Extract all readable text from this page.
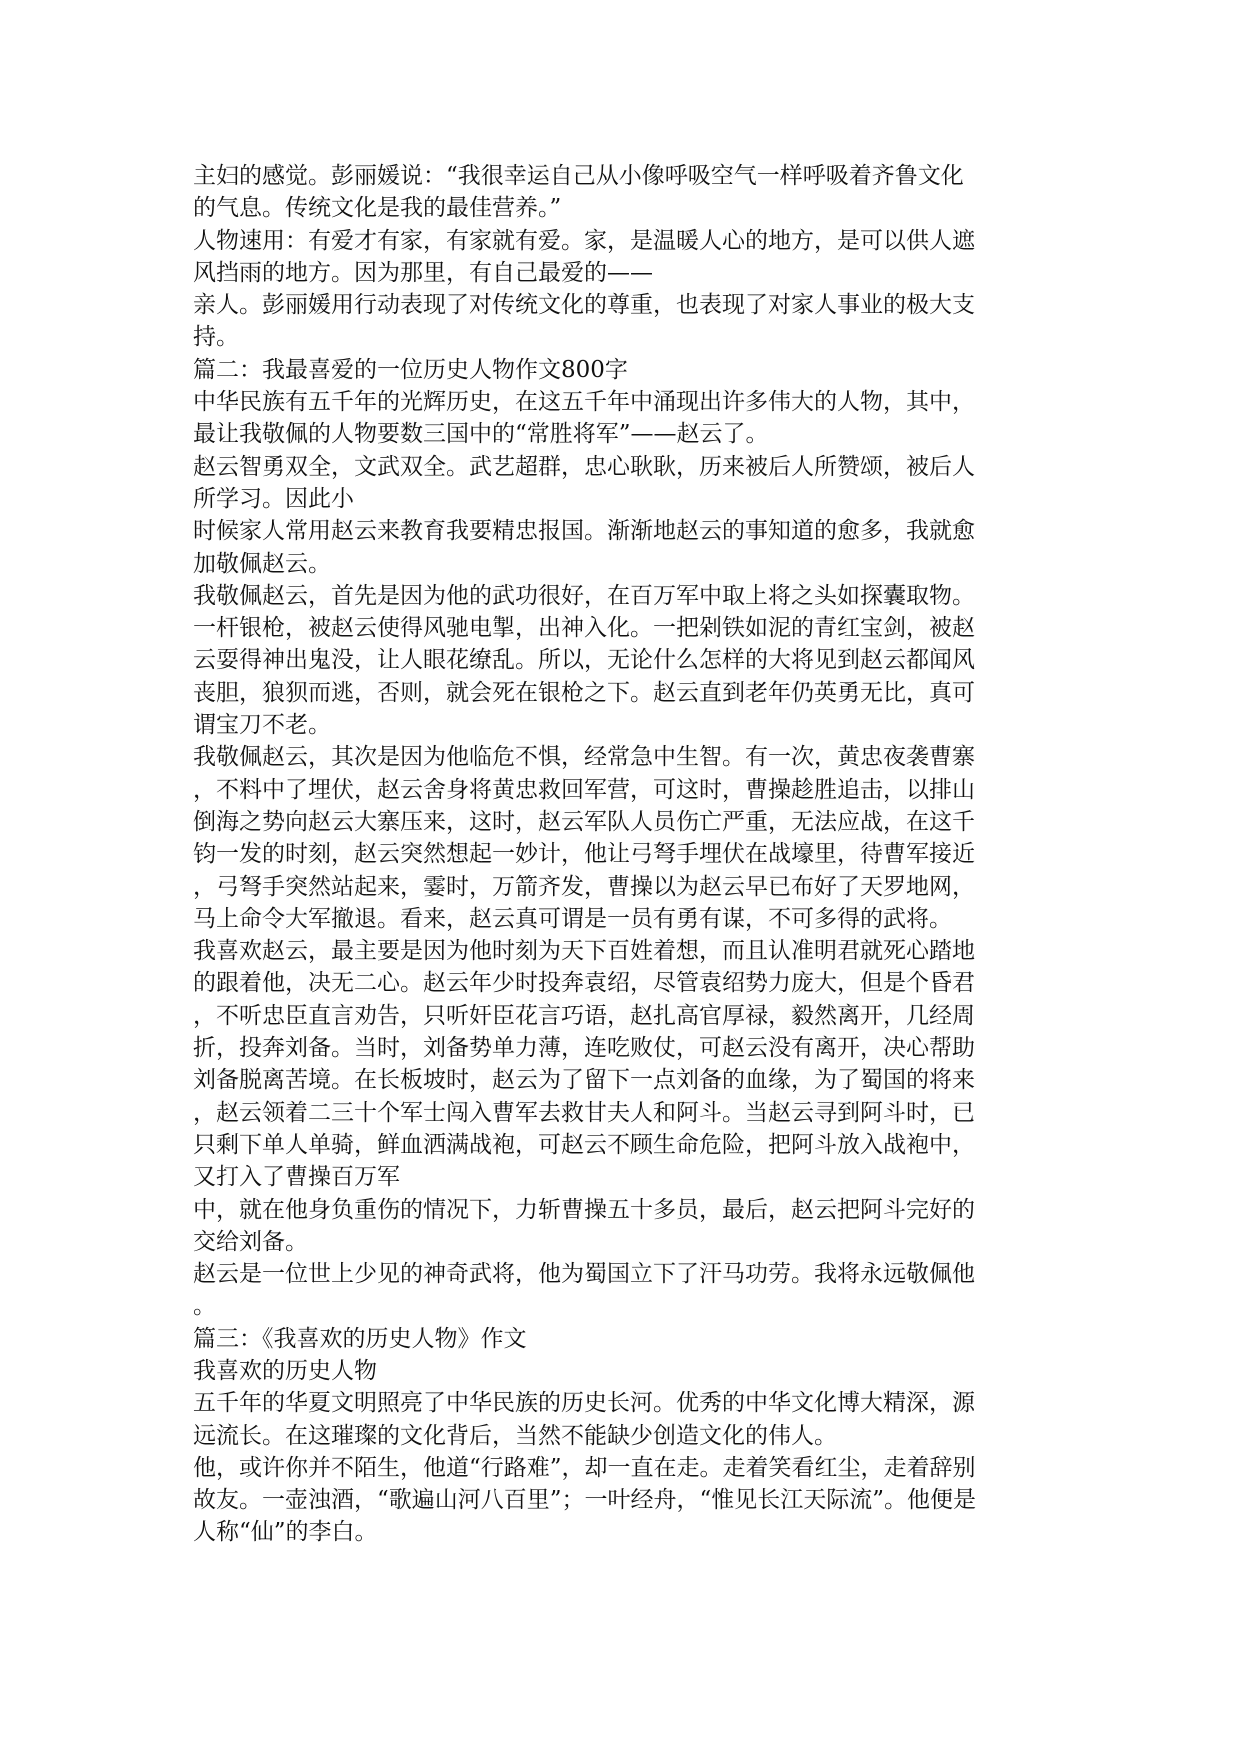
主妇的感觉。彭丽媛说：“我很幸运自己从小像呼吸空气一样呼吸着齐鲁文化
的气息。传统文化是我的最佳营养。”
人物速用：有爱才有家，有家就有爱。家，是温暖人心的地方，是可以供人遮
风挡雨的地方。因为那里，有自己最爱的——
亲人。彭丽媛用行动表现了对传统文化的尊重，也表现了对家人事业的极大支
持。
篇二：我最喜爱的一位历史人物作文800字
中华民族有五千年的光辉历史，在这五千年中涌现出许多伟大的人物，其中，
最让我敬佩的人物要数三国中的“常胜将军”——赵云了。
赵云智勇双全，文武双全。武艺超群，忠心耿耿，历来被后人所赞颂，被后人
所学习。因此小
时候家人常用赵云来教育我要精忠报国。渐渐地赵云的事知道的愈多，我就愈
加敬佩赵云。
我敬佩赵云，首先是因为他的武功很好，在百万军中取上将之头如探囊取物。
一杆银枪，被赵云使得风驰电掣，出神入化。一把剁铁如泥的青红宝剑，被赵
云耍得神出鬼没，让人眼花缭乱。所以，无论什么怎样的大将见到赵云都闻风
丧胆，狼狈而逃，否则，就会死在银枪之下。赵云直到老年仍英勇无比，真可
谓宝刀不老。
我敬佩赵云，其次是因为他临危不惧，经常急中生智。有一次，黄忠夜袭曹寨
，不料中了埋伏，赵云舍身将黄忠救回军营，可这时，曹操趁胜追击，以排山
倒海之势向赵云大寨压来，这时，赵云军队人员伤亡严重，无法应战，在这千
钧一发的时刻，赵云突然想起一妙计，他让弓弩手埋伏在战壕里，待曹军接近
，弓弩手突然站起来，霎时，万箭齐发，曹操以为赵云早已布好了天罗地网，
马上命令大军撤退。看来，赵云真可谓是一员有勇有谋，不可多得的武将。
我喜欢赵云，最主要是因为他时刻为天下百姓着想，而且认准明君就死心踏地
的跟着他，决无二心。赵云年少时投奔袁绍，尽管袁绍势力庞大，但是个昏君
，不听忠臣直言劝告，只听奸臣花言巧语，赵扎高官厚禄，毅然离开，几经周
折，投奔刘备。当时，刘备势单力薄，连吃败仗，可赵云没有离开，决心帮助
刘备脱离苦境。在长板坡时，赵云为了留下一点刘备的血缘，为了蜀国的将来
，赵云领着二三十个军士闯入曹军去救甘夫人和阿斗。当赵云寻到阿斗时，已
只剩下单人单骑，鲜血洒满战袍，可赵云不顾生命危险，把阿斗放入战袍中，
又打入了曹操百万军
中，就在他身负重伤的情况下，力斩曹操五十多员，最后，赵云把阿斗完好的
交给刘备。
赵云是一位世上少见的神奇武将，他为蜀国立下了汗马功劳。我将永远敬佩他
。
篇三：《我喜欢的历史人物》作文
我喜欢的历史人物
五千年的华夏文明照亮了中华民族的历史长河。优秀的中华文化博大精深，源
远流长。在这璀璨的文化背后，当然不能缺少创造文化的伟人。
他，或许你并不陌生，他道“行路难”，却一直在走。走着笑看红尘，走着辞别
故友。一壶浊酒，“歌遍山河八百里”；一叶经舟，“惟见长江天际流”。他便是
人称“仙”的李白。
